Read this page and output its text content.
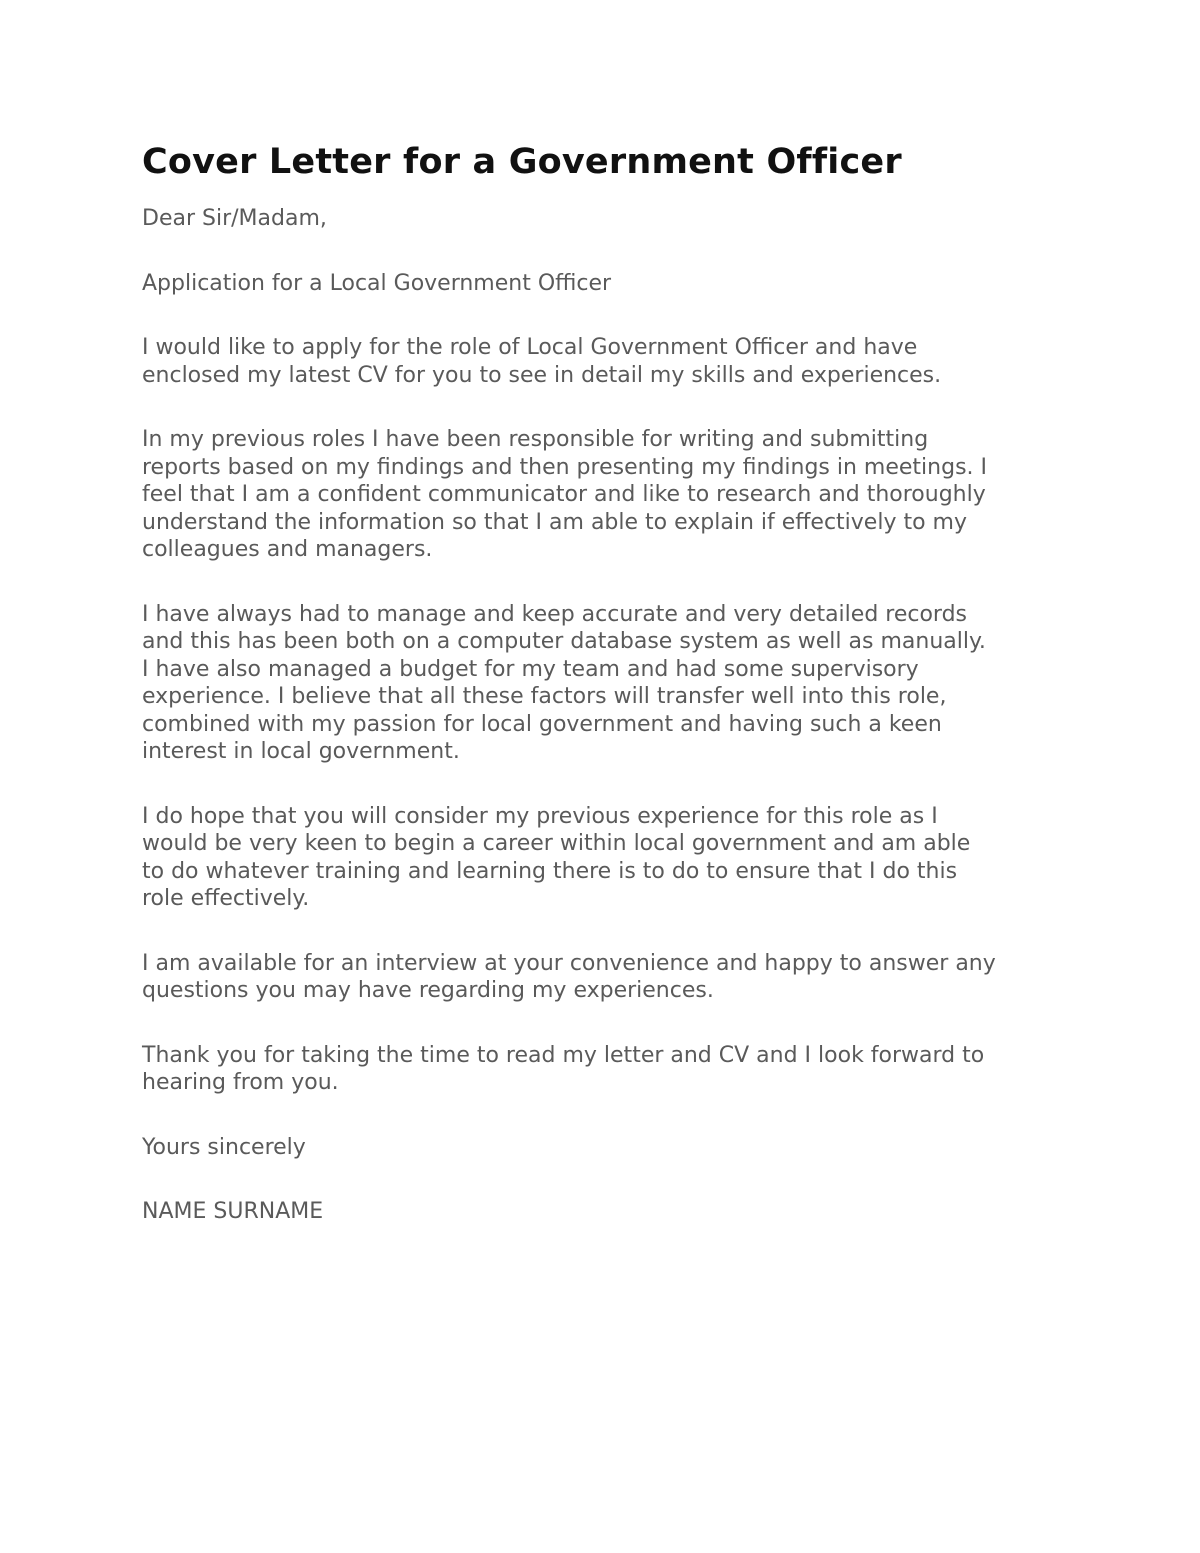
Cover Letter for a Government Officer

Dear Sir/Madam,

Application for a Local Government Officer

I would like to apply for the role of Local Government Officer and have
enclosed my latest CV for you to see in detail my skills and experiences.

In my previous roles I have been responsible for writing and submitting
reports based on my findings and then presenting my findings in meetings. I
feel that I am a confident communicator and like to research and thoroughly
understand the information so that I am able to explain if effectively to my
colleagues and managers.

I have always had to manage and keep accurate and very detailed records
and this has been both on a computer database system as well as manually.
I have also managed a budget for my team and had some supervisory
experience. I believe that all these factors will transfer well into this role,
combined with my passion for local government and having such a keen
interest in local government.

I do hope that you will consider my previous experience for this role as I
would be very keen to begin a career within local government and am able
to do whatever training and learning there is to do to ensure that I do this
role effectively.

I am available for an interview at your convenience and happy to answer any
questions you may have regarding my experiences.

Thank you for taking the time to read my letter and CV and I look forward to
hearing from you.

Yours sincerely

NAME SURNAME
